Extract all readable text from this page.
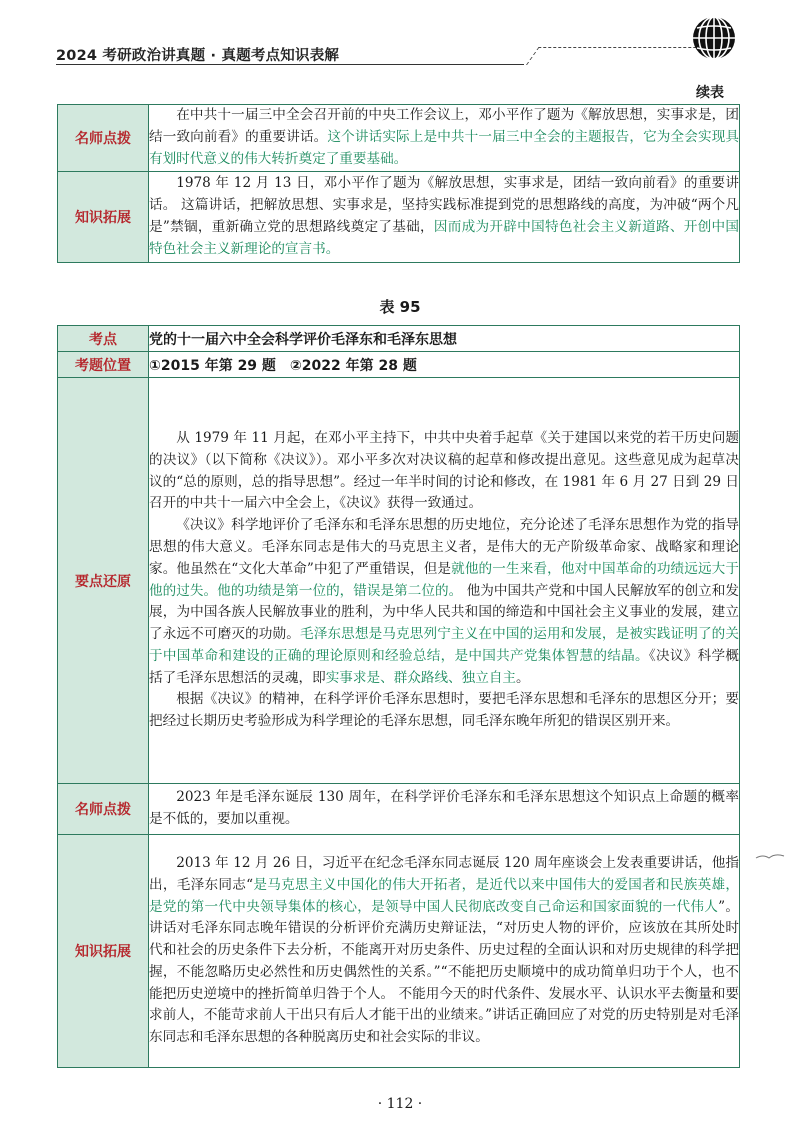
2024 考研政治讲真题 · 真题考点知识表解
续表
名师点拨	在中共十一届三中全会召开前的中央工作会议上，邓小平作了题为《解放思想，实事求是，团结一致向前看》的重要讲话。这个讲话实际上是中共十一届三中全会的主题报告，它为全会实现具有划时代意义的伟大转折奠定了重要基础。

知识拓展	1978 年 12 月 13 日，邓小平作了题为《解放思想，实事求是，团结一致向前看》的重要讲话。 这篇讲话，把解放思想、实事求是，坚持实践标准提到党的思想路线的高度，为冲破“两个凡是”禁锢，重新确立党的思想路线奠定了基础，因而成为开辟中国特色社会主义新道路、开创中国特色社会主义新理论的宣言书。

表 95
考点	党的十一届六中全会科学评价毛泽东和毛泽东思想
考题位置	①2015 年第 29 题　②2022 年第 28 题
要点还原	从 1979 年 11 月起，在邓小平主持下，中共中央着手起草《关于建国以来党的若干历史问题的决议》（以下简称《决议》）。邓小平多次对决议稿的起草和修改提出意见。这些意见成为起草决议的“总的原则，总的指导思想”。经过一年半时间的讨论和修改，在 1981 年 6 月 27 日到 29 日召开的中共十一届六中全会上，《决议》获得一致通过。

《决议》科学地评价了毛泽东和毛泽东思想的历史地位，充分论述了毛泽东思想作为党的指导思想的伟大意义。毛泽东同志是伟大的马克思主义者，是伟大的无产阶级革命家、战略家和理论家。他虽然在“文化大革命”中犯了严重错误，但是就他的一生来看，他对中国革命的功绩远远大于他的过失。他的功绩是第一位的，错误是第二位的。 他为中国共产党和中国人民解放军的创立和发展，为中国各族人民解放事业的胜利，为中华人民共和国的缔造和中国社会主义事业的发展，建立了永远不可磨灭的功勋。毛泽东思想是马克思列宁主义在中国的运用和发展，是被实践证明了的关于中国革命和建设的正确的理论原则和经验总结，是中国共产党集体智慧的结晶。《决议》科学概括了毛泽东思想活的灵魂，即实事求是、群众路线、独立自主。

根据《决议》的精神，在科学评价毛泽东思想时，要把毛泽东思想和毛泽东的思想区分开；要把经过长期历史考验形成为科学理论的毛泽东思想，同毛泽东晚年所犯的错误区别开来。

名师点拨	2023 年是毛泽东诞辰 130 周年，在科学评价毛泽东和毛泽东思想这个知识点上命题的概率是不低的，要加以重视。

知识拓展	2013 年 12 月 26 日，习近平在纪念毛泽东同志诞辰 120 周年座谈会上发表重要讲话，他指出，毛泽东同志“是马克思主义中国化的伟大开拓者，是近代以来中国伟大的爱国者和民族英雄，是党的第一代中央领导集体的核心，是领导中国人民彻底改变自己命运和国家面貌的一代伟人”。 讲话对毛泽东同志晚年错误的分析评价充满历史辩证法，“对历史人物的评价，应该放在其所处时代和社会的历史条件下去分析，不能离开对历史条件、历史过程的全面认识和对历史规律的科学把握，不能忽略历史必然性和历史偶然性的关系。”“不能把历史顺境中的成功简单归功于个人，也不能把历史逆境中的挫折简单归咎于个人。 不能用今天的时代条件、发展水平、认识水平去衡量和要求前人，不能苛求前人干出只有后人才能干出的业绩来。”讲话正确回应了对党的历史特别是对毛泽东同志和毛泽东思想的各种脱离历史和社会实际的非议。

· 112 ·
